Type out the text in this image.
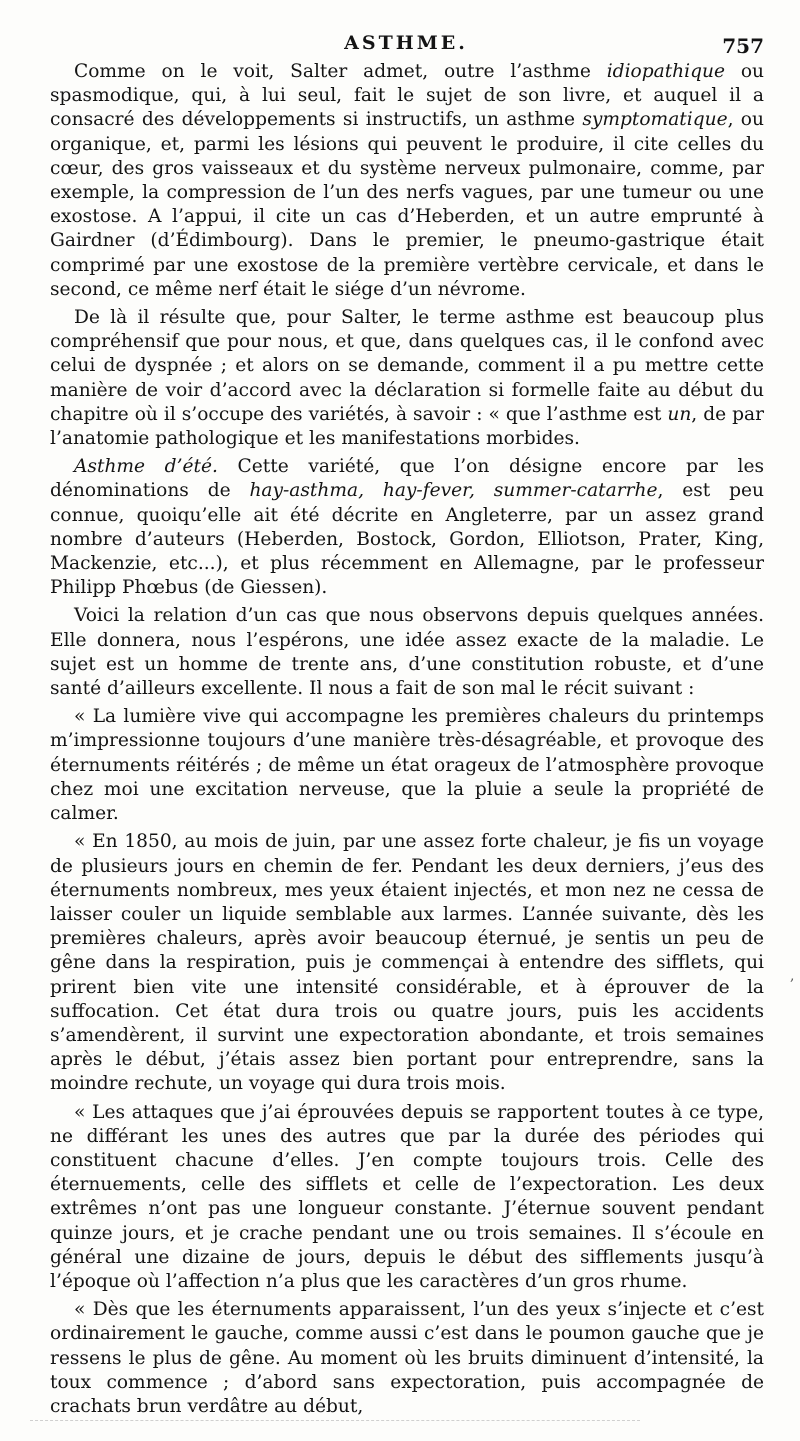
ASTHME.	757

Comme on le voit, Salter admet, outre l’asthme idiopathique ou spasmodique, qui, à lui seul, fait le sujet de son livre, et auquel il a consacré des développements si instructifs, un asthme symptomatique, ou organique, et, parmi les lésions qui peuvent le produire, il cite celles du cœur, des gros vaisseaux et du système nerveux pulmonaire, comme, par exemple, la compression de l’un des nerfs vagues, par une tumeur ou une exostose. A l’appui, il cite un cas d’Heberden, et un autre emprunté à Gairdner (d’Édimbourg). Dans le premier, le pneumo-gastrique était comprimé par une exostose de la première vertèbre cervicale, et dans le second, ce même nerf était le siége d’un névrome.

De là il résulte que, pour Salter, le terme asthme est beaucoup plus compréhensif que pour nous, et que, dans quelques cas, il le confond avec celui de dyspnée ; et alors on se demande, comment il a pu mettre cette manière de voir d’accord avec la déclaration si formelle faite au début du chapitre où il s’occupe des variétés, à savoir : « que l’asthme est un, de par l’anatomie pathologique et les manifestations morbides.

Asthme d’été. Cette variété, que l’on désigne encore par les dénominations de hay-asthma, hay-fever, summer-catarrhe, est peu connue, quoiqu’elle ait été décrite en Angleterre, par un assez grand nombre d’auteurs (Heberden, Bostock, Gordon, Elliotson, Prater, King, Mackenzie, etc...), et plus récemment en Allemagne, par le professeur Philipp Phœbus (de Giessen).

Voici la relation d’un cas que nous observons depuis quelques années. Elle donnera, nous l’espérons, une idée assez exacte de la maladie. Le sujet est un homme de trente ans, d’une constitution robuste, et d’une santé d’ailleurs excellente. Il nous a fait de son mal le récit suivant :

« La lumière vive qui accompagne les premières chaleurs du printemps m’impressionne toujours d’une manière très-désagréable, et provoque des éternuments réitérés ; de même un état orageux de l’atmosphère provoque chez moi une excitation nerveuse, que la pluie a seule la propriété de calmer.

« En 1850, au mois de juin, par une assez forte chaleur, je fis un voyage de plusieurs jours en chemin de fer. Pendant les deux derniers, j’eus des éternuments nombreux, mes yeux étaient injectés, et mon nez ne cessa de laisser couler un liquide semblable aux larmes. L’année suivante, dès les premières chaleurs, après avoir beaucoup éternué, je sentis un peu de gêne dans la respiration, puis je commençai à entendre des sifflets, qui prirent bien vite une intensité considérable, et à éprouver de la suffocation. Cet état dura trois ou quatre jours, puis les accidents s’amendèrent, il survint une expectoration abondante, et trois semaines après le début, j’étais assez bien portant pour entreprendre, sans la moindre rechute, un voyage qui dura trois mois.

« Les attaques que j’ai éprouvées depuis se rapportent toutes à ce type, ne différant les unes des autres que par la durée des périodes qui constituent chacune d’elles. J’en compte toujours trois. Celle des éternuements, celle des sifflets et celle de l’expectoration. Les deux extrêmes n’ont pas une longueur constante. J’éternue souvent pendant quinze jours, et je crache pendant une ou trois semaines. Il s’écoule en général une dizaine de jours, depuis le début des sifflements jusqu’à l’époque où l’affection n’a plus que les caractères d’un gros rhume.

« Dès que les éternuments apparaissent, l’un des yeux s’injecte et c’est ordinairement le gauche, comme aussi c’est dans le poumon gauche que je ressens le plus de gêne. Au moment où les bruits diminuent d’intensité, la toux commence ; d’abord sans expectoration, puis accompagnée de crachats brun verdâtre au début,

,
